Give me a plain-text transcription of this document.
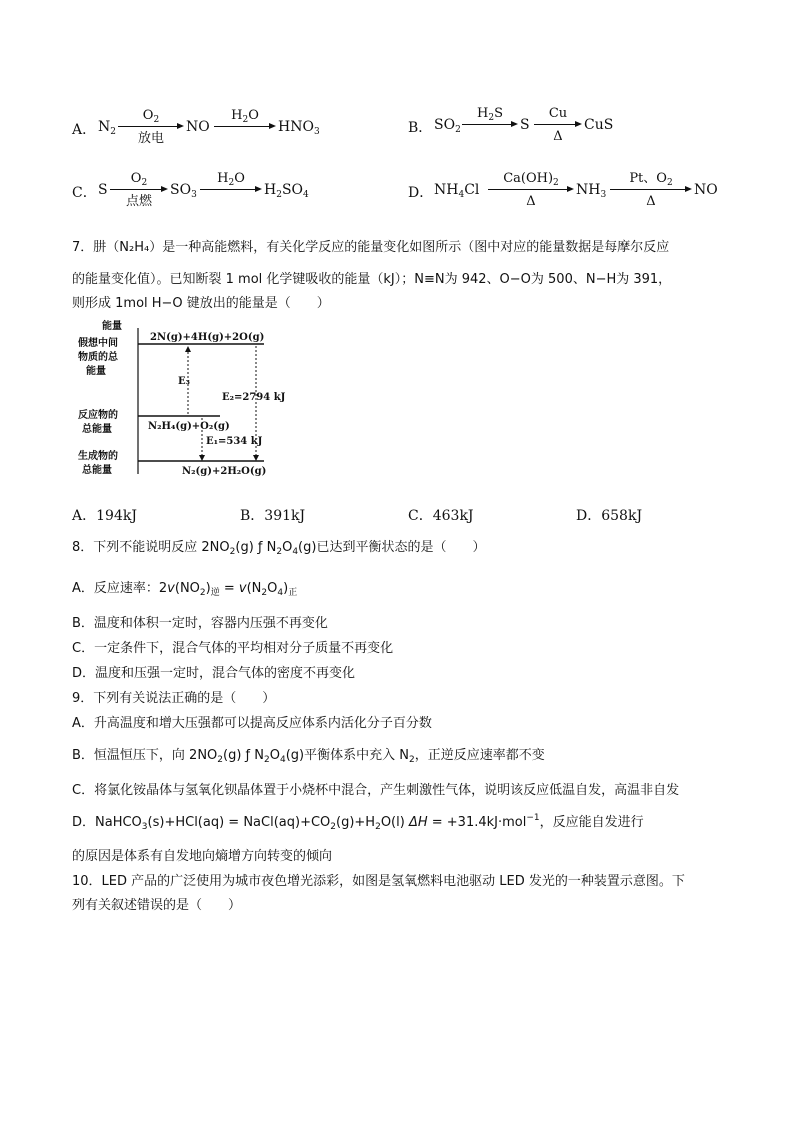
A． $N_2$
$O_2$
放电
NO
$H_2O$
$HNO_3$	B． $SO_2$
$H_2S$
S
Cu
Δ
CuS
C． S
$O_2$
点燃
$SO_3$
$H_2O$
$H_2SO_4$	D． $NH_4Cl$
$Ca(OH)_2$
Δ
$NH_3$
Pt、$O_2$
Δ
NO
7．肼（N₂H₄）是一种高能燃料，有关化学反应的能量变化如图所示（图中对应的能量数据是每摩尔反应
的能量变化值）。已知断裂 1 mol 化学键吸收的能量（kJ）；N≡N为 942、O−O为 500、N−H为 391，
则形成 1mol H−O 键放出的能量是（　　）
能量
2N(g)+4H(g)+2O(g)
假想中间
物质的总
能量
N₂H₄(g)+O₂(g)
反应物的
总能量
N₂(g)+2H₂O(g)
生成物的
总能量
E₃
E₂=2794 kJ
E₁=534 kJ
A．194kJ	B．391kJ	C．463kJ	D．658kJ
8．下列不能说明反应 $2NO_2(g)$ ƒ $N_2O_4(g)$已达到平衡状态的是（　　）
A．反应速率：$2v(NO_2)_逆 = v(N_2O_4)_正$
B．温度和体积一定时，容器内压强不再变化
C．一定条件下，混合气体的平均相对分子质量不再变化
D．温度和压强一定时，混合气体的密度不再变化
9．下列有关说法正确的是（　　）
A．升高温度和增大压强都可以提高反应体系内活化分子百分数
B．恒温恒压下，向 $2NO_2(g)$ ƒ $N_2O_4(g)$平衡体系中充入 $N_2$，正逆反应速率都不变
C．将氯化铵晶体与氢氧化钡晶体置于小烧杯中混合，产生刺激性气体，说明该反应低温自发，高温非自发
D．NaHCO$_3$(s)+HCl(aq) = $NaCl(aq)+CO_2(g)+H_2O(l) \Delta H = +31.4kJ\cdot mol^{-1}$，反应能自发进行
的原因是体系有自发地向熵增方向转变的倾向
10．LED 产品的广泛使用为城市夜色增光添彩，如图是氢氧燃料电池驱动 LED 发光的一种装置示意图。下
列有关叙述错误的是（　　）
